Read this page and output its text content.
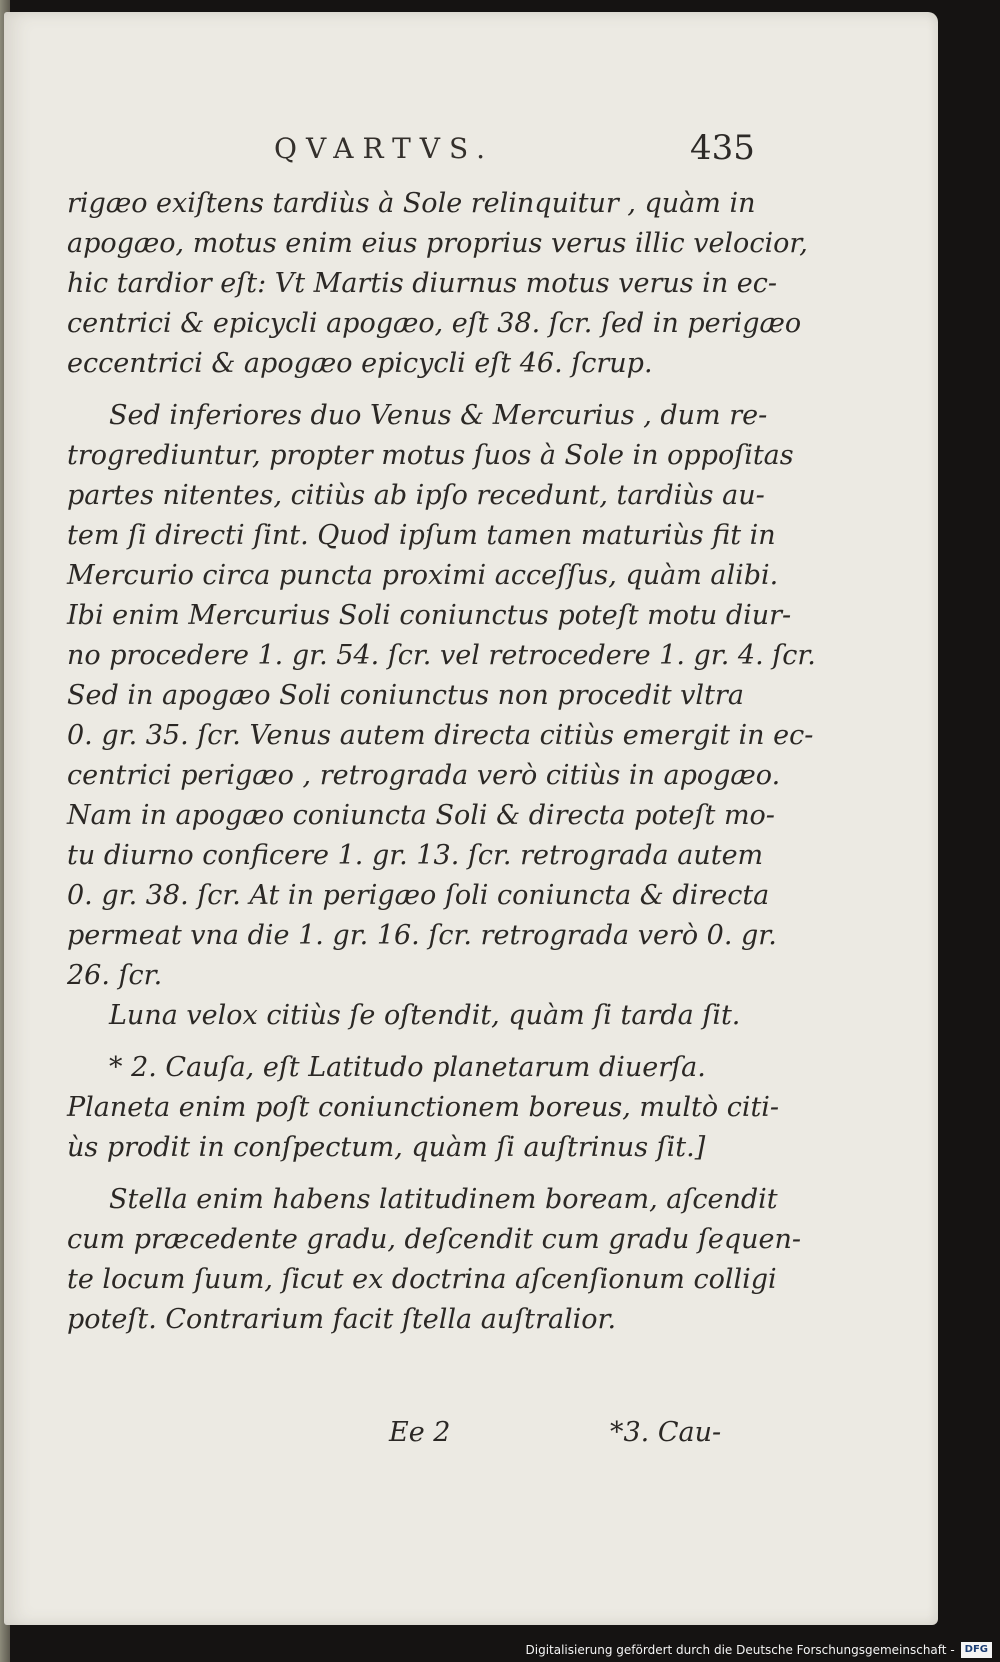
QVARTVS.	435
rigæo exiſtens tardiùs à Sole relinquitur , quàm in
apogæo, motus enim eius proprius verus illic velocior,
hic tardior eſt: Vt Martis diurnus motus verus in ec-
centrici & epicycli apogæo, eſt 38. ſcr. ſed in perigæo
eccentrici & apogæo epicycli eſt 46. ſcrup.
Sed inferiores duo Venus & Mercurius , dum re-
trogrediuntur, propter motus ſuos à Sole in oppoſitas
partes nitentes, citiùs ab ipſo recedunt, tardiùs au-
tem ſi directi ſint. Quod ipſum tamen maturiùs fit in
Mercurio circa puncta proximi acceſſus, quàm alibi.
Ibi enim Mercurius Soli coniunctus poteſt motu diur-
no procedere 1. gr. 54. ſcr. vel retrocedere 1. gr. 4. ſcr.
Sed in apogæo Soli coniunctus non procedit vltra
0. gr. 35. ſcr. Venus autem directa citiùs emergit in ec-
centrici perigæo , retrograda verò citiùs in apogæo.
Nam in apogæo coniuncta Soli & directa poteſt mo-
tu diurno conficere 1. gr. 13. ſcr. retrograda autem
0. gr. 38. ſcr. At in perigæo ſoli coniuncta & directa
permeat vna die 1. gr. 16. ſcr. retrograda verò 0. gr.
26. ſcr.
Luna velox citiùs ſe oſtendit, quàm ſi tarda ſit.
* 2. Cauſa, eſt Latitudo planetarum diuerſa.
Planeta enim poſt coniunctionem boreus, multò citi-
ùs prodit in conſpectum, quàm ſi auſtrinus ſit.]
Stella enim habens latitudinem boream, aſcendit
cum præcedente gradu, deſcendit cum gradu ſequen-
te locum ſuum, ſicut ex doctrina aſcenſionum colligi
poteſt. Contrarium facit ſtella auſtralior.
Ee 2	*3. Cau-
Digitalisierung gefördert durch die Deutsche Forschungsgemeinschaft -	DFG
